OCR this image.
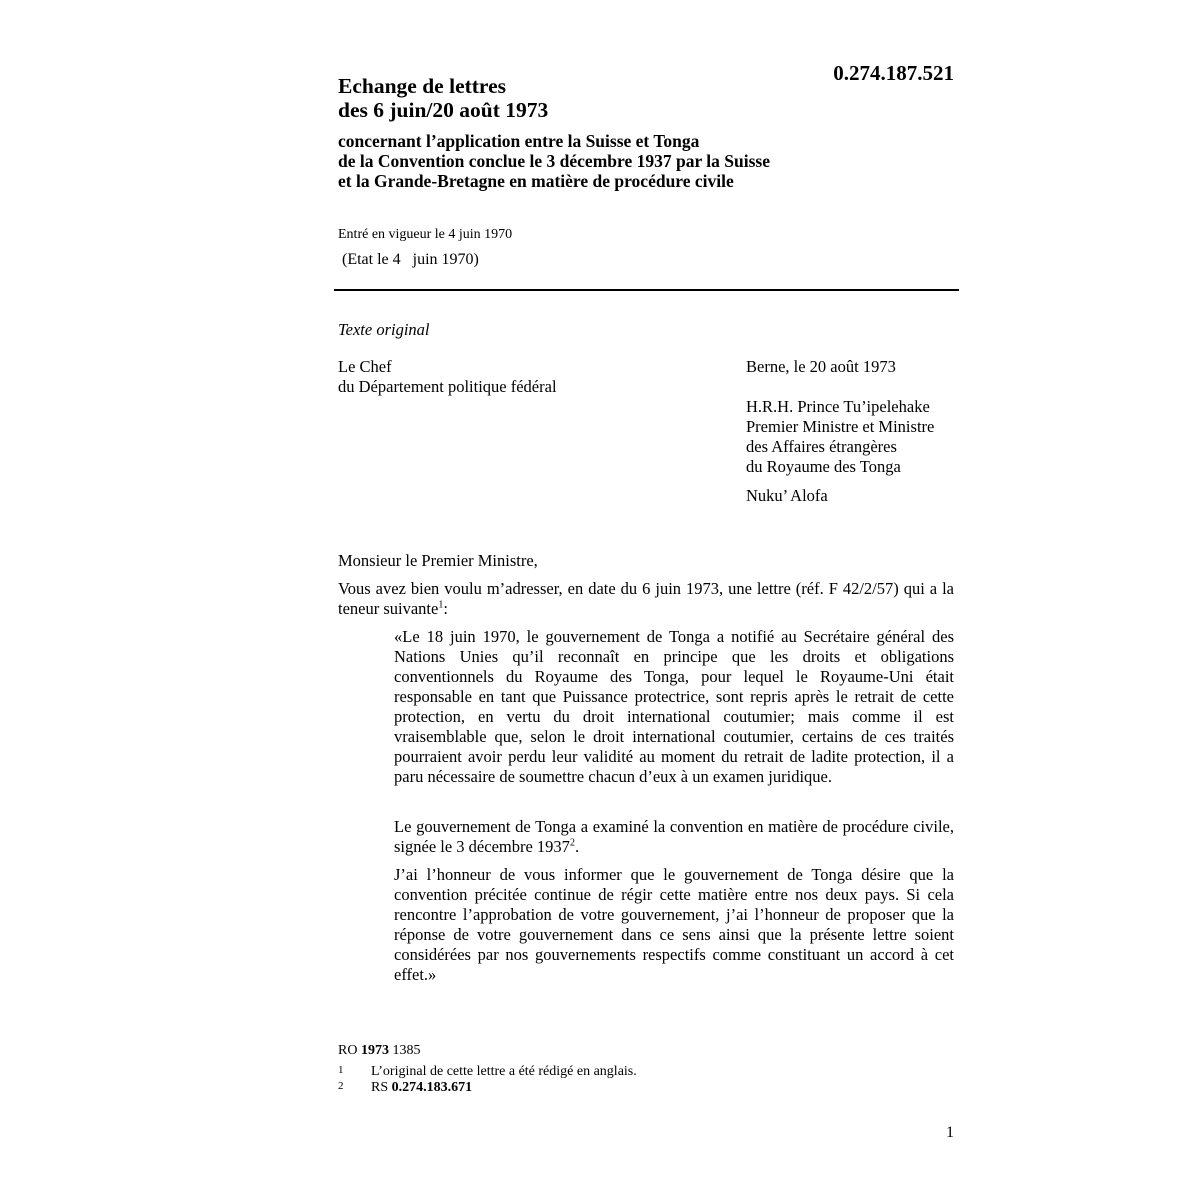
0.274.187.521
Echange de lettres
des 6 juin/20 août 1973
concernant l’application entre la Suisse et Tonga
de la Convention conclue le 3 décembre 1937 par la Suisse
et la Grande-Bretagne en matière de procédure civile
Entré en vigueur le 4 juin 1970
(Etat le 4   juin 1970)
Texte original
Le Chef
du Département politique fédéral
Berne, le 20 août 1973
H.R.H. Prince Tu’ipelehake
Premier Ministre et Ministre
des Affaires étrangères
du Royaume des Tonga
Nuku’ Alofa
Monsieur le Premier Ministre,
Vous avez bien voulu m’adresser, en date du 6 juin 1973, une lettre (réf. F 42/2/57) qui a la teneur suivante$^1$:
«Le 18 juin 1970, le gouvernement de Tonga a notifié au Secrétaire général des Nations Unies qu’il reconnaît en principe que les droits et obligations conventionnels du Royaume des Tonga, pour lequel le Royaume-Uni était responsable en tant que Puissance protectrice, sont repris après le retrait de cette protection, en vertu du droit international coutumier; mais comme il est vraisemblable que, selon le droit international coutumier, certains de ces traités pourraient avoir perdu leur validité au moment du retrait de ladite protection, il a paru nécessaire de soumettre chacun d’eux à un examen juridique.
Le gouvernement de Tonga a examiné la convention en matière de procédure civile, signée le 3 décembre 1937$^2$.
J’ai l’honneur de vous informer que le gouvernement de Tonga désire que la convention précitée continue de régir cette matière entre nos deux pays. Si cela rencontre l’approbation de votre gouvernement, j’ai l’honneur de proposer que la réponse de votre gouvernement dans ce sens ainsi que la présente lettre soient considérées par nos gouvernements respectifs comme constituant un accord à cet effet.»
RO 1973 1385
1 L’original de cette lettre a été rédigé en anglais.
2 RS 0.274.183.671
1
